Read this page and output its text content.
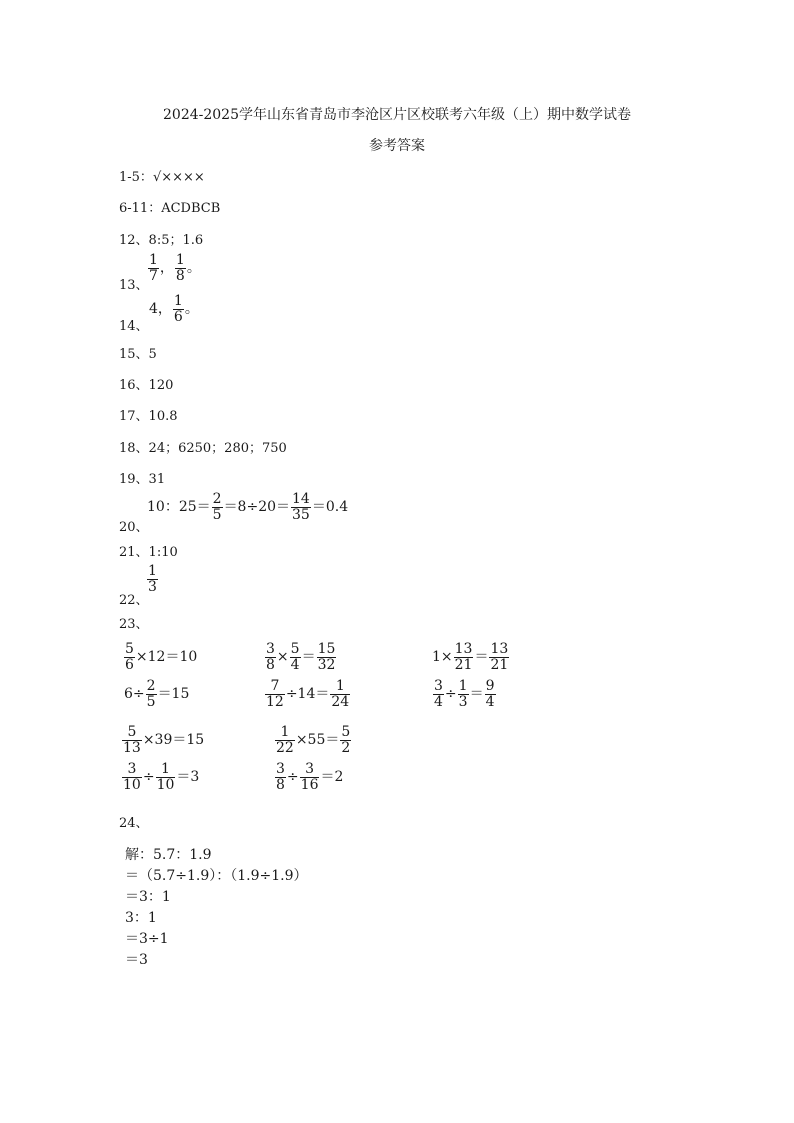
2024-2025学年山东省青岛市李沧区片区校联考六年级（上）期中数学试卷
参考答案
1-5：√××××
6-11：ACDBCB
12、8:5；1.6
13、
$\frac{1}{7}$ ， $\frac{1}{8}$ 。
14、
4， $\frac{1}{6}$ 。
15、5
16、120
17、10.8
18、24；6250；280；750
19、31
20、
10：$25= \frac{2}{5} =8\div 20= \frac{14}{35} =0.4$
21、1:10
22、
$\frac{1}{3}$
23、
$\frac{5}{6} \times 12=10$	$\frac{3}{8} \times \frac{5}{4} = \frac{15}{32}$	$1\times \frac{13}{21} = \frac{13}{21}$
$6\div \frac{2}{5} =15$	$\frac{7}{12} \div 14= \frac{1}{24}$	$\frac{3}{4} \div \frac{1}{3} = \frac{9}{4}$
$\frac{5}{13} \times 39=15$	$\frac{1}{22} \times 55= \frac{5}{2}$
$\frac{3}{10} \div \frac{1}{10} =3$	$\frac{3}{8} \div \frac{3}{16} =2$
24、
解：5.7：1.9
＝（5.7÷1.9）：（1.9÷1.9）
＝3：1
3：1
＝3÷1
＝3
